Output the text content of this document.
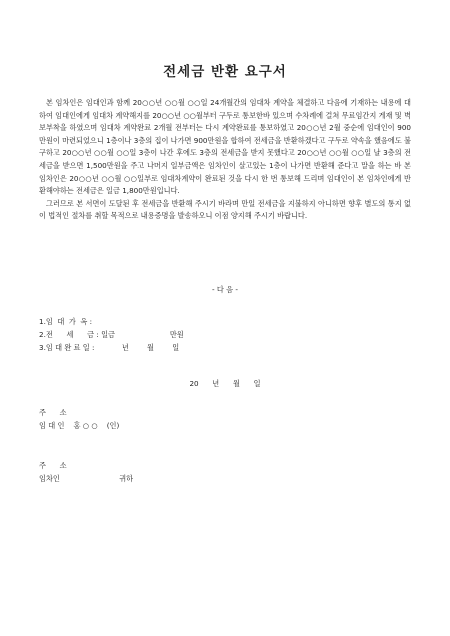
전세금 반환 요구서

본 임차인은 임대인과 함께 20○○년 ○○월 ○○일 24개월간의 임대차 계약을 체결하고 다음에 기재하는 내용에 대하여 임대인에게 임대차 계약해지를 20○○년 ○○월부터 구두로 통보한바 있으며 수차례에 걸쳐 무료임간지 게재 및 벽보부착을 하였으며 임대차 계약완료 2개월 전부터는 다시 계약완료를 통보하였고 20○○년 2월 중순에 임대인이 900만원이 마련되었으니 1층이나 3층의 집이 나가면 900만원을 합하여 전세금을 반환하겠다고 구두로 약속을 했음에도 불구하고 20○○년 ○○월 ○○일 3층이 나간 후에도 3층의 전세금을 받지 못했다고 20○○년 ○○월 ○○일 날 3층의 전세금을 받으면 1,500만원을 주고 나머지 일부금액은 임차인이 살고있는 1층이 나가면 반환해 준다고 말을 하는 바 본 임차인은 20○○년 ○○월 ○○일부로 임대차계약이 완료된 것을 다시 한 번 통보해 드리며 임대인이 본 임차인에게 반환해야하는 전세금은 일금 1,800만원입니다.

그러므로 본 서면이 도달된 후 전세금을 반환해 주시기 바라며 만일 전세금을 지불하지 아니하면 향후 별도의 통지 없이 법적인 절차를 취할 목적으로 내용증명을 발송하오니 이점 양지해 주시기 바랍니다.

- 다 음 -
1.임  대  가  옥 :
2.전      세      금 : 일금                        만원
3.임 대 완 료 일 :            년        월        일
20      년      월      일
주      소
임 대 인    홍 ○ ○    (인)
주      소
임차인                          귀하
